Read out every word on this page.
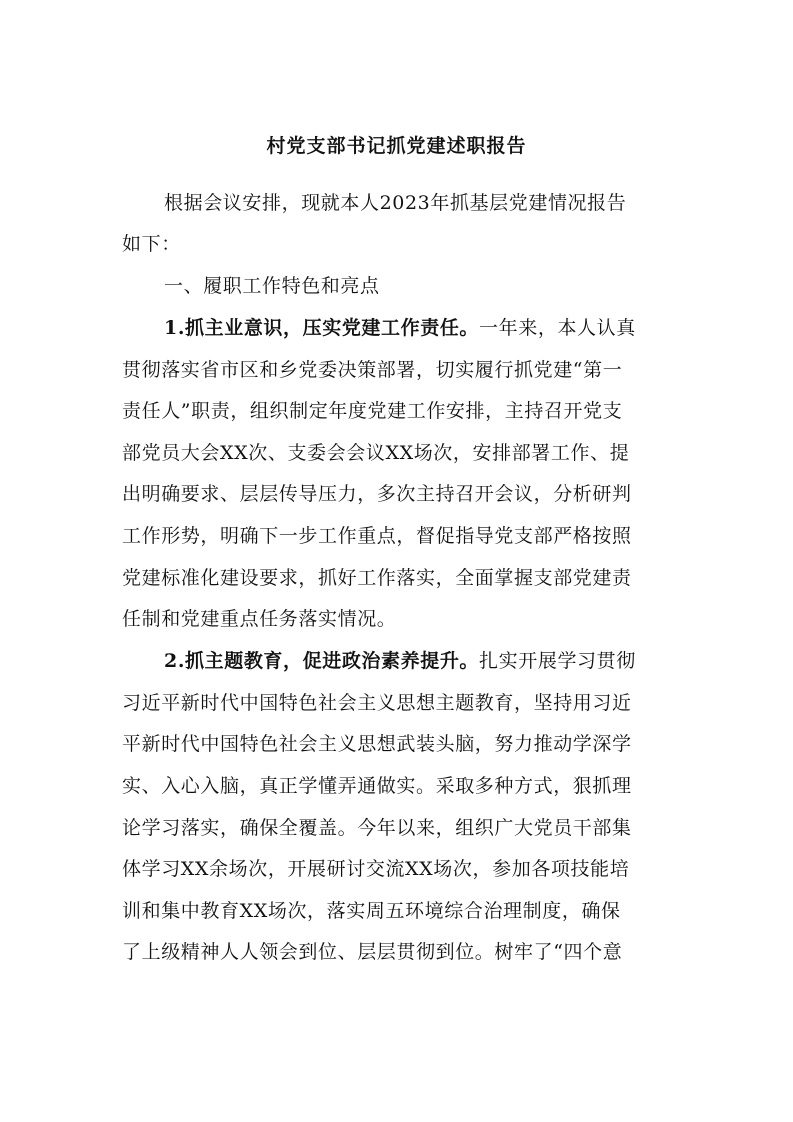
村党支部书记抓党建述职报告
根据会议安排，现就本人2023年抓基层党建情况报告
如下：
一、履职工作特色和亮点
1.抓主业意识，压实党建工作责任。一年来，本人认真
贯彻落实省市区和乡党委决策部署，切实履行抓党建“第一
责任人”职责，组织制定年度党建工作安排，主持召开党支
部党员大会XX次、支委会会议XX场次，安排部署工作、提
出明确要求、层层传导压力，多次主持召开会议，分析研判
工作形势，明确下一步工作重点，督促指导党支部严格按照
党建标准化建设要求，抓好工作落实，全面掌握支部党建责
任制和党建重点任务落实情况。
2.抓主题教育，促进政治素养提升。扎实开展学习贯彻
习近平新时代中国特色社会主义思想主题教育，坚持用习近
平新时代中国特色社会主义思想武装头脑，努力推动学深学
实、入心入脑，真正学懂弄通做实。采取多种方式，狠抓理
论学习落实，确保全覆盖。今年以来，组织广大党员干部集
体学习XX余场次，开展研讨交流XX场次，参加各项技能培
训和集中教育XX场次，落实周五环境综合治理制度，确保
了上级精神人人领会到位、层层贯彻到位。树牢了“四个意
